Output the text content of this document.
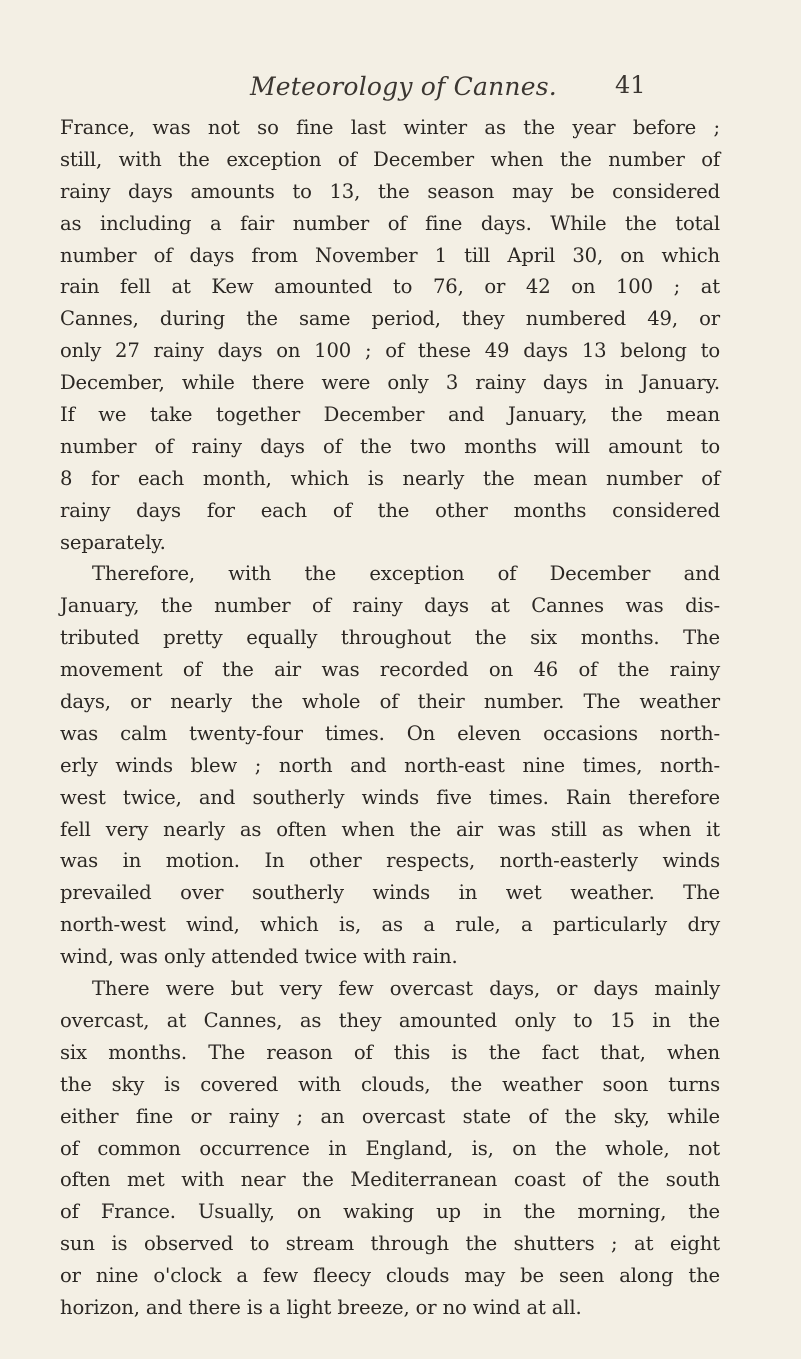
Meteorology of Cannes. 41
France, was not so fine last winter as the year before ;
still, with the exception of December when the number of
rainy days amounts to 13, the season may be considered
as including a fair number of fine days. While the total
number of days from November 1 till April 30, on which
rain fell at Kew amounted to 76, or 42 on 100 ; at
Cannes, during the same period, they numbered 49, or
only 27 rainy days on 100 ; of these 49 days 13 belong to
December, while there were only 3 rainy days in January.
If we take together December and January, the mean
number of rainy days of the two months will amount to
8 for each month, which is nearly the mean number of
rainy days for each of the other months considered
separately.
Therefore, with the exception of December and
January, the number of rainy days at Cannes was dis-
tributed pretty equally throughout the six months. The
movement of the air was recorded on 46 of the rainy
days, or nearly the whole of their number. The weather
was calm twenty-four times. On eleven occasions north-
erly winds blew ; north and north-east nine times, north-
west twice, and southerly winds five times. Rain therefore
fell very nearly as often when the air was still as when it
was in motion. In other respects, north-easterly winds
prevailed over southerly winds in wet weather. The
north-west wind, which is, as a rule, a particularly dry
wind, was only attended twice with rain.
There were but very few overcast days, or days mainly
overcast, at Cannes, as they amounted only to 15 in the
six months. The reason of this is the fact that, when
the sky is covered with clouds, the weather soon turns
either fine or rainy ; an overcast state of the sky, while
of common occurrence in England, is, on the whole, not
often met with near the Mediterranean coast of the south
of France. Usually, on waking up in the morning, the
sun is observed to stream through the shutters ; at eight
or nine o'clock a few fleecy clouds may be seen along the
horizon, and there is a light breeze, or no wind at all.
